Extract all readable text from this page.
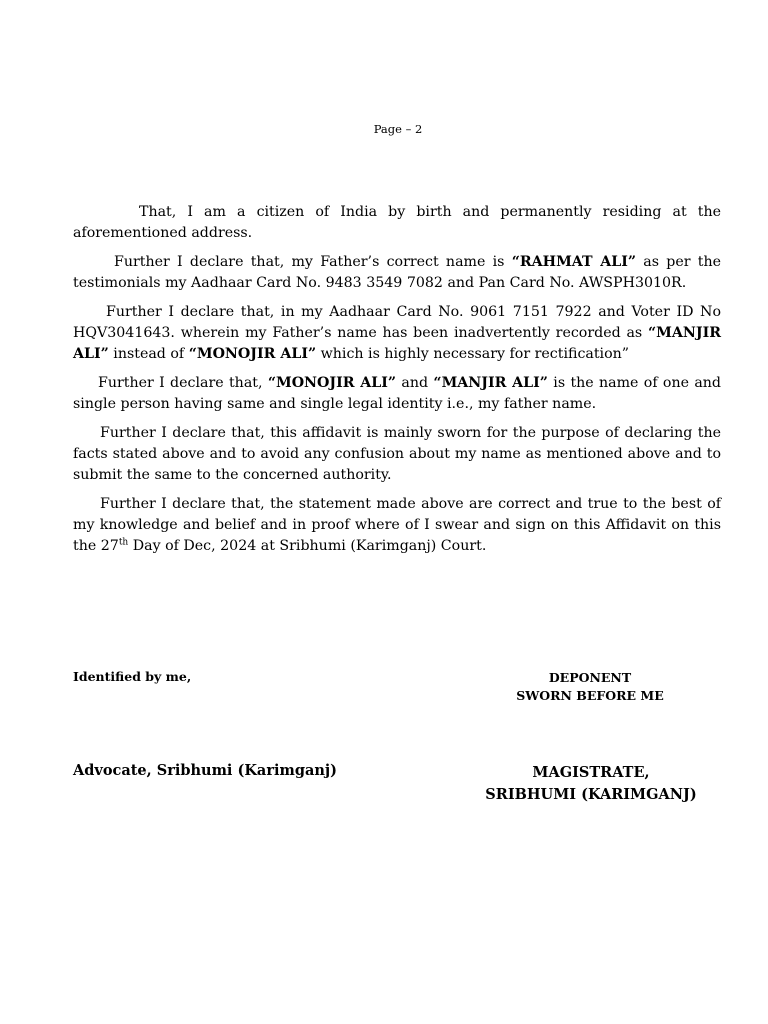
Page – 2

That, I am a citizen of India by birth and permanently residing at the aforementioned address.

Further I declare that, my Father’s correct name is “RAHMAT ALI” as per the testimonials my Aadhaar Card No. 9483 3549 7082 and Pan Card No. AWSPH3010R.

Further I declare that, in my Aadhaar Card No. 9061 7151 7922 and Voter ID No HQV3041643. wherein my Father’s name has been inadvertently recorded as “MANJIR ALI” instead of “MONOJIR ALI” which is highly necessary for rectification”

Further I declare that, “MONOJIR ALI” and “MANJIR ALI” is the name of one and single person having same and single legal identity i.e., my father name.

Further I declare that, this affidavit is mainly sworn for the purpose of declaring the facts stated above and to avoid any confusion about my name as mentioned above and to submit the same to the concerned authority.

Further I declare that, the statement made above are correct and true to the best of my knowledge and belief and in proof where of I swear and sign on this Affidavit on this the 27th Day of Dec, 2024 at Sribhumi (Karimganj) Court.

Identified by me,	DEPONENT
SWORN BEFORE ME
Advocate, Sribhumi (Karimganj)	MAGISTRATE,
SRIBHUMI (KARIMGANJ)
